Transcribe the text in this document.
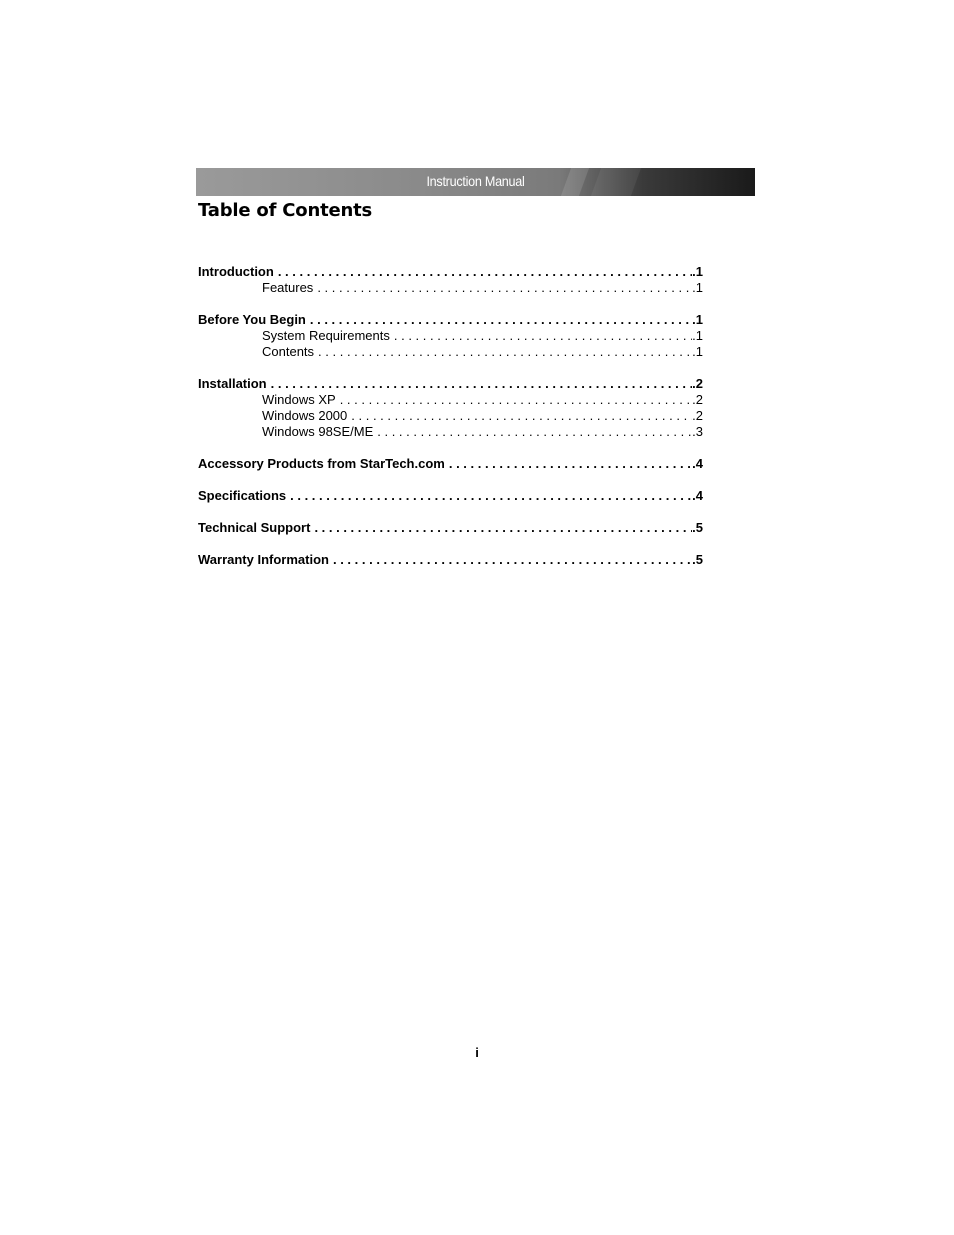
Instruction Manual
Table of Contents
Introduction . . .	.1
Features . . .	.1
Before You Begin . . .	.1
System Requirements . . .	.1
Contents . . .	.1
Installation . . .	.2
Windows XP . . .	.2
Windows 2000 . . .	.2
Windows 98SE/ME . . .	.3
Accessory Products from StarTech.com . . .	.4
Specifications . . .	.4
Technical Support . . .	.5
Warranty Information . . .	.5
i
